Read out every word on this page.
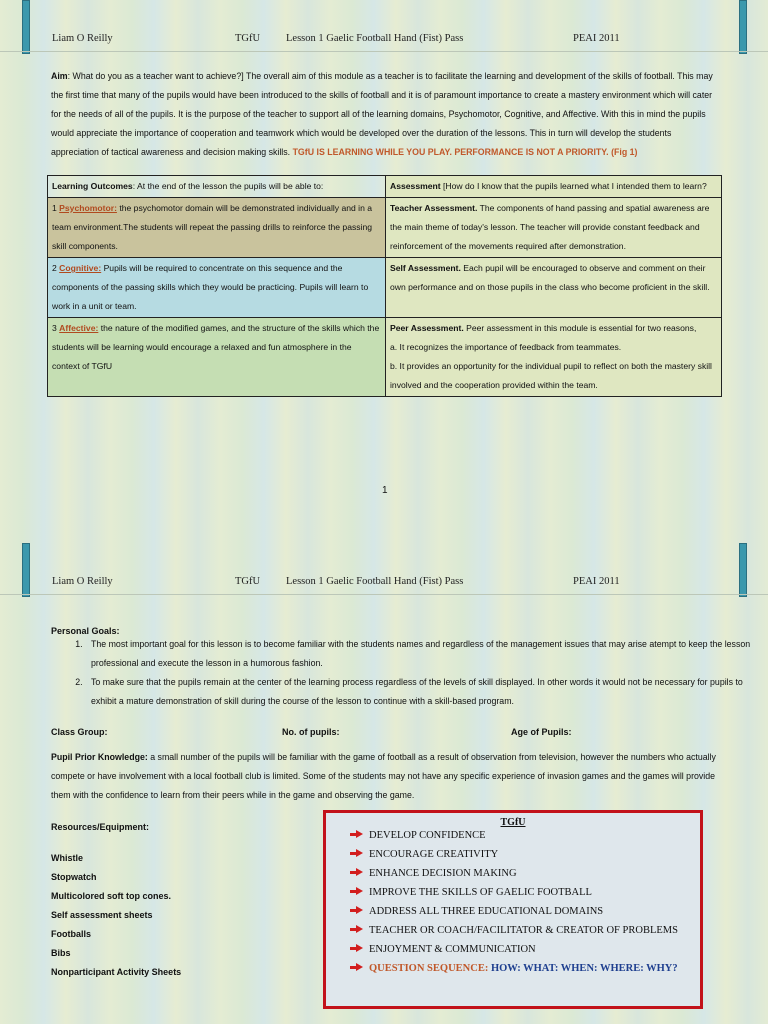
Liam O Reilly	TGfU Lesson 1 Gaelic Football Hand (Fist) Pass	PEAI 2011
Aim: What do you as a teacher want to achieve?] The overall aim of this module as a teacher is to facilitate the learning and development of the skills of football. This may the first time that many of the pupils would have been introduced to the skills of football and it is of paramount importance to create a mastery environment which will cater for the needs of all of the pupils. It is the purpose of the teacher to support all of the learning domains, Psychomotor, Cognitive, and Affective. With this in mind the pupils would appreciate the importance of cooperation and teamwork which would be developed over the duration of the lessons. This in turn will develop the students appreciation of tactical awareness and decision making skills. TGfU IS LEARNING WHILE YOU PLAY. PERFORMANCE IS NOT A PRIORITY. (Fig 1)
Learning Outcomes: At the end of the lesson the pupils will be able to:	Assessment [How do I know that the pupils learned what I intended them to learn?
1 Psychomotor: the psychomotor domain will be demonstrated individually and in a team environment.The students will repeat the passing drills to reinforce the passing skill components.	Teacher Assessment. The components of hand passing and spatial awareness are the main theme of today's lesson. The teacher will provide constant feedback and reinforcement of the movements required after demonstration.
2 Cognitive: Pupils will be required to concentrate on this sequence and the components of the passing skills which they would be practicing. Pupils will learn to work in a unit or team.	Self Assessment. Each pupil will be encouraged to observe and comment on their own performance and on those pupils in the class who become proficient in the skill.
3 Affective: the nature of the modified games, and the structure of the skills which the students will be learning would encourage a relaxed and fun atmosphere in the context of TGfU	Peer Assessment. Peer assessment in this module is essential for two reasons,
a. It recognizes the importance of feedback from teammates.
b. It provides an opportunity for the individual pupil to reflect on both the mastery skill involved and the cooperation provided within the team.
1
Liam O Reilly	TGfU Lesson 1 Gaelic Football Hand (Fist) Pass	PEAI 2011
Personal Goals:
1. The most important goal for this lesson is to become familiar with the students names and regardless of the management issues that may arise atempt to keep the lesson professional and execute the lesson in a humorous fashion.
2. To make sure that the pupils remain at the center of the learning process regardless of the levels of skill displayed. In other words it would not be necessary for pupils to exhibit a mature demonstration of skill during the course of the lesson to continue with a skill-based program.
Class Group:	No. of pupils:	Age of Pupils:
Pupil Prior Knowledge: a small number of the pupils will be familiar with the game of football as a result of observation from television, however the numbers who actually compete or have involvement with a local football club is limited. Some of the students may not have any specific experience of invasion games and the games will provide them with the confidence to learn from their peers while in the game and observing the game.
Resources/Equipment:
Whistle
Stopwatch
Multicolored soft top cones.
Self assessment sheets
Footballs
Bibs
Nonparticipant Activity Sheets
TGfU
DEVELOP CONFIDENCE
ENCOURAGE CREATIVITY
ENHANCE DECISION MAKING
IMPROVE THE SKILLS OF GAELIC FOOTBALL
ADDRESS ALL THREE EDUCATIONAL DOMAINS
TEACHER OR COACH/FACILITATOR & CREATOR OF PROBLEMS
ENJOYMENT & COMMUNICATION
QUESTION SEQUENCE: HOW: WHAT: WHEN: WHERE: WHY?
